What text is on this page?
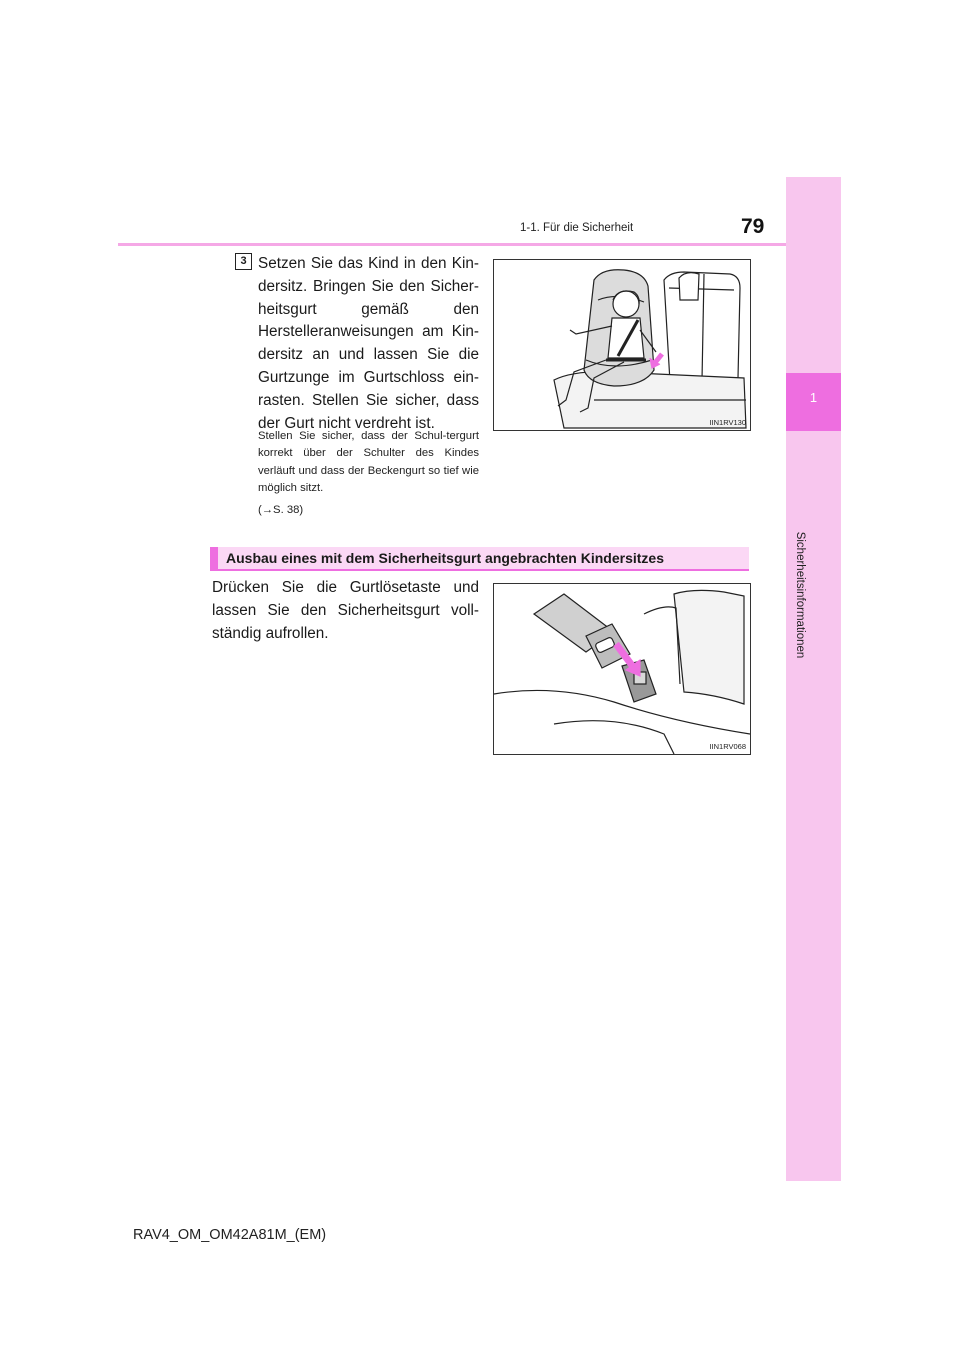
1
Sicherheitsinformationen
1-1. Für die Sicherheit	79
3 Setzen Sie das Kind in den Kin-dersitz. Bringen Sie den Sicher-heitsgurt gemäß den Herstelleranweisungen am Kin-dersitz an und lassen Sie die Gurtzunge im Gurtschloss ein-rasten. Stellen Sie sicher, dass der Gurt nicht verdreht ist.
Stellen Sie sicher, dass der Schul-tergurt korrekt über der Schulter des Kindes verläuft und dass der Beckengurt so tief wie möglich sitzt.
(→S. 38)
IIN1RV130
Ausbau eines mit dem Sicherheitsgurt angebrachten Kindersitzes
Drücken Sie die Gurtlösetaste und lassen Sie den Sicherheitsgurt voll-ständig aufrollen.
IIN1RV068
RAV4_OM_OM42A81M_(EM)
